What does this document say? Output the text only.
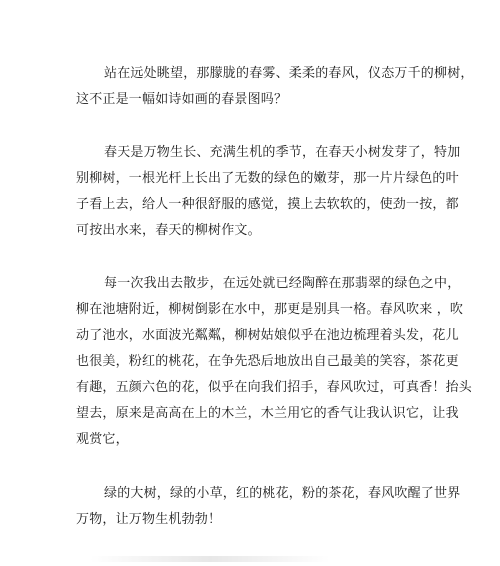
站在远处眺望，那朦胧的春雾、柔柔的春风，仪态万千的柳树，
这不正是一幅如诗如画的春景图吗？
春天是万物生长、充满生机的季节，在春天小树发芽了，特加
别柳树，一根光杆上长出了无数的绿色的嫩芽，那一片片绿色的叶
子看上去，给人一种很舒服的感觉，摸上去软软的，使劲一按，都
可按出水来，春天的柳树作文。
每一次我出去散步，在远处就已经陶醉在那翡翠的绿色之中，
柳在池塘附近，柳树倒影在水中，那更是别具一格。春风吹来 ，吹
动了池水，水面波光粼粼，柳树姑娘似乎在池边梳理着头发，花儿
也很美，粉红的桃花，在争先恐后地放出自己最美的笑容，茶花更
有趣，五颜六色的花，似乎在向我们招手，春风吹过，可真香！抬头
望去，原来是高高在上的木兰，木兰用它的香气让我认识它，让我
观赏它，
绿的大树，绿的小草，红的桃花，粉的茶花，春风吹醒了世界
万物，让万物生机勃勃！
